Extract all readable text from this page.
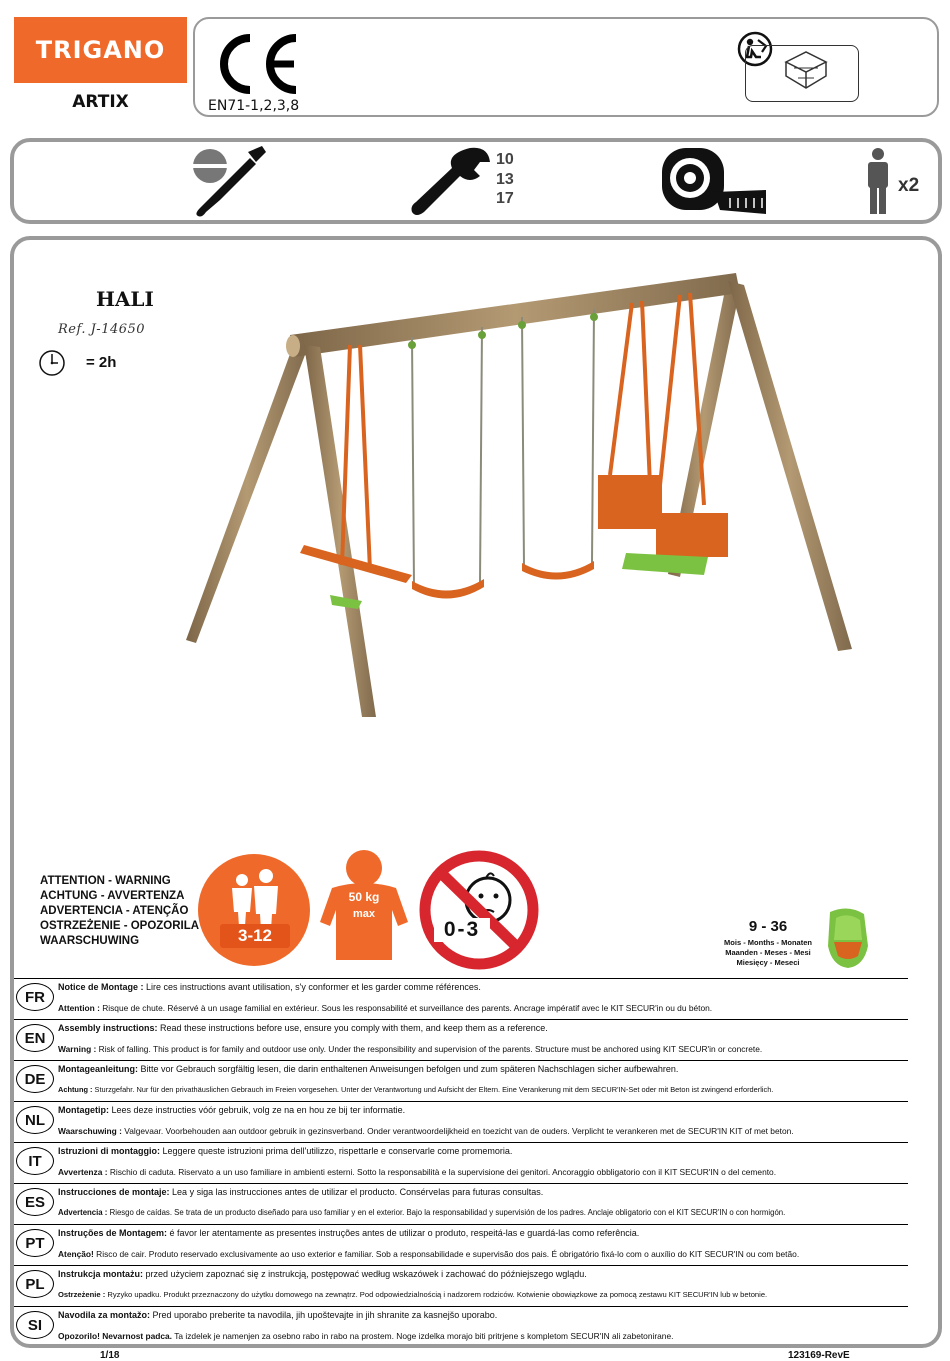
TRIGANO
ARTIX	EN71-1,2,3,8
10
13
17
x2
HALI
Ref. J-14650
= 2h
ATTENTION - WARNING
ACHTUNG - AVVERTENZA
ADVERTENCIA - ATENÇÃO
OSTRZEŻENIE - OPOZORILA
WAARSCHUWING	3-12
50 kg
max
0-3	9 - 36
Mois - Months - Monaten
Maanden - Meses - Mesi
Miesięcy - Meseci
FR
Notice de Montage : Lire ces instructions avant utilisation, s'y conformer et les garder comme références.
Attention : Risque de chute. Réservé à un usage familial en extérieur. Sous les responsabilité et surveillance des parents. Ancrage impératif avec le KIT SECUR'in ou du béton.
EN
Assembly instructions: Read these instructions before use, ensure you comply with them, and keep them as a reference.
Warning : Risk of falling. This product is for family and outdoor use only. Under the responsibility and supervision of the parents. Structure must be anchored using KIT SECUR'in or concrete.
DE
Montageanleitung: Bitte vor Gebrauch sorgfältig lesen, die darin enthaltenen Anweisungen befolgen und zum späteren Nachschlagen sicher aufbewahren.
Achtung : Sturzgefahr. Nur für den privathäuslichen Gebrauch im Freien vorgesehen. Unter der Verantwortung und Aufsicht der Eltern. Eine Verankerung mit dem SECUR'IN-Set oder mit Beton ist zwingend erforderlich.
NL
Montagetip: Lees deze instructies vóór gebruik, volg ze na en hou ze bij ter informatie.
Waarschuwing : Valgevaar. Voorbehouden aan outdoor gebruik in gezinsverband. Onder verantwoordelijkheid en toezicht van de ouders. Verplicht te verankeren met de SECUR'IN KIT of met beton.
IT
Istruzioni di montaggio: Leggere queste istruzioni prima dell'utilizzo, rispettarle e conservarle come promemoria.
Avvertenza : Rischio di caduta. Riservato a un uso familiare in ambienti esterni. Sotto la responsabilità e la supervisione dei genitori. Ancoraggio obbligatorio con il KIT SECUR'IN o del cemento.
ES
Instrucciones de montaje: Lea y siga las instrucciones antes de utilizar el producto. Consérvelas para futuras consultas.
Advertencia : Riesgo de caídas. Se trata de un producto diseñado para uso familiar y en el exterior. Bajo la responsabilidad y supervisión de los padres. Anclaje obligatorio con el KIT SECUR'IN o con hormigón.
PT
Instruções de Montagem: é favor ler atentamente as presentes instruções antes de utilizar o produto, respeitá-las e guardá-las como referência.
Atenção! Risco de cair. Produto reservado exclusivamente ao uso exterior e familiar. Sob a responsabilidade e supervisão dos pais. É obrigatório fixá-lo com o auxílio do KIT SECUR'IN ou com betão.
PL
Instrukcja montażu: przed użyciem zapoznać się z instrukcją, postępować według wskazówek i zachować do późniejszego wglądu.
Ostrzeżenie : Ryzyko upadku. Produkt przeznaczony do użytku domowego na zewnątrz. Pod odpowiedzialnością i nadzorem rodziców. Kotwienie obowiązkowe za pomocą zestawu KIT SECUR'IN lub w betonie.
SI
Navodila za montažo: Pred uporabo preberite ta navodila, jih upoštevajte in jih shranite za kasnejšo uporabo.
Opozorilo! Nevarnost padca. Ta izdelek je namenjen za osebno rabo in rabo na prostem. Noge izdelka morajo biti pritrjene s kompletom SECUR'IN ali zabetonirane.
1/18	123169-RevE
